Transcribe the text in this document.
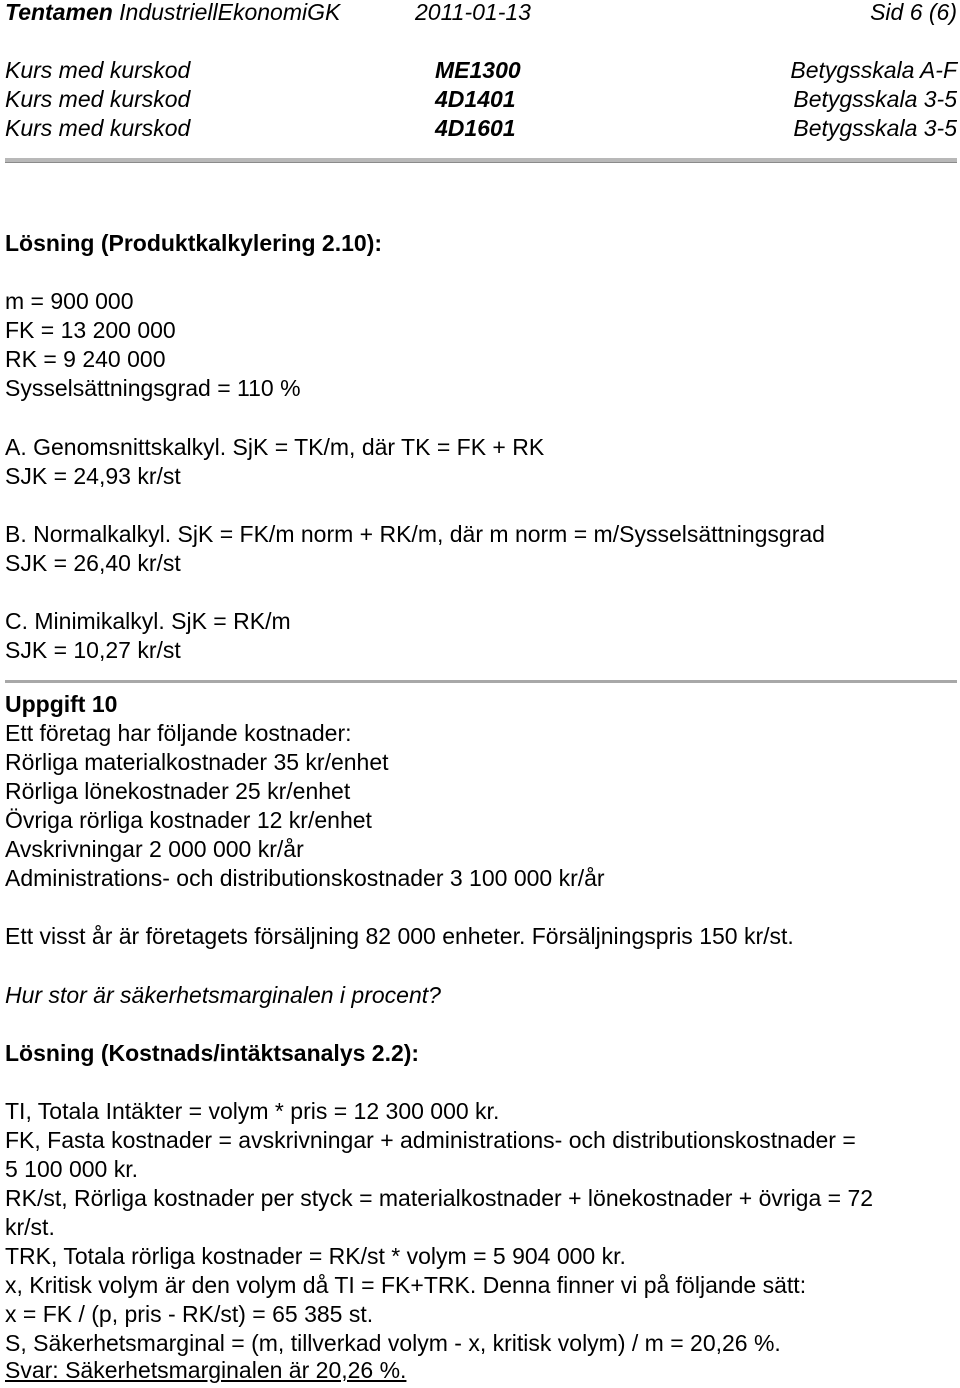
Tentamen IndustriellEkonomiGK	2011-01-13	Sid 6 (6)
Kurs med kurskod	ME1300	Betygsskala A-F
Kurs med kurskod	4D1401	Betygsskala 3-5
Kurs med kurskod	4D1601	Betygsskala 3-5
Lösning (Produktkalkylering 2.10):
m = 900 000
FK = 13 200 000
RK = 9 240 000
Sysselsättningsgrad = 110 %
A. Genomsnittskalkyl. SjK = TK/m, där TK = FK + RK
SJK = 24,93 kr/st
B. Normalkalkyl. SjK = FK/m norm + RK/m, där m norm = m/Sysselsättningsgrad
SJK = 26,40 kr/st
C. Minimikalkyl. SjK = RK/m
SJK = 10,27 kr/st
Uppgift 10
Ett företag har följande kostnader:
Rörliga materialkostnader 35 kr/enhet
Rörliga lönekostnader 25 kr/enhet
Övriga rörliga kostnader 12 kr/enhet
Avskrivningar 2 000 000 kr/år
Administrations- och distributionskostnader 3 100 000 kr/år
Ett visst år är företagets försäljning 82 000 enheter. Försäljningspris 150 kr/st.
Hur stor är säkerhetsmarginalen i procent?
Lösning (Kostnads/intäktsanalys 2.2):
TI, Totala Intäkter = volym * pris = 12 300 000 kr.
FK, Fasta kostnader = avskrivningar + administrations- och distributionskostnader =
5 100 000 kr.
RK/st, Rörliga kostnader per styck = materialkostnader + lönekostnader + övriga = 72
kr/st.
TRK, Totala rörliga kostnader = RK/st * volym = 5 904 000 kr.
x, Kritisk volym är den volym då TI = FK+TRK. Denna finner vi på följande sätt:
x = FK / (p, pris - RK/st) = 65 385 st.
S, Säkerhetsmarginal = (m, tillverkad volym - x, kritisk volym) / m = 20,26 %.
Svar: Säkerhetsmarginalen är 20,26 %.
